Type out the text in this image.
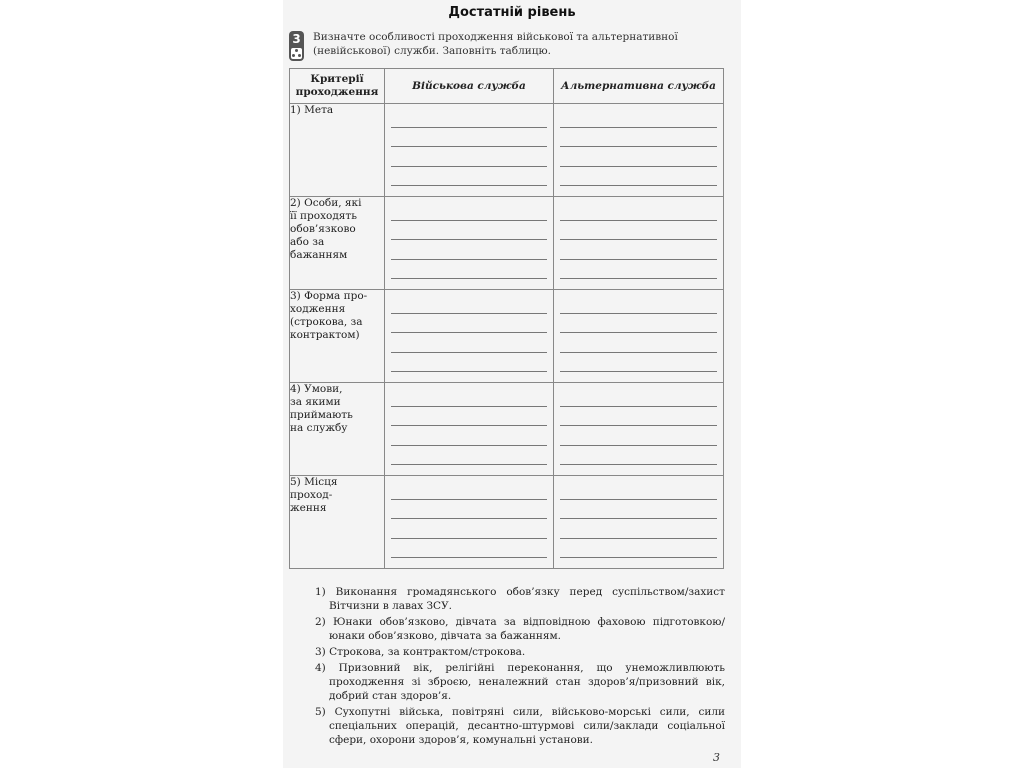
Достатній рівень
3	Визначте особливості проходження військової та альтернативної (невійськової) служби. Заповніть таблицю.
Критерії проходження	Військова служба	Альтернативна служба
1) Мета	

2) Особи, які
її проходять
обов’язково
або за
бажанням	

3) Форма про-
ходження
(строкова, за
контрактом)	

4) Умови,
за якими
приймають
на службу	

5) Місця
проход-
ження	

1) Виконання громадянського обов’язку перед суспільством/захист Вітчизни в лавах ЗСУ.
2) Юнаки обов’язково, дівчата за відповідною фаховою підготовкою/ юнаки обов’язково, дівчата за бажанням.
3) Строкова, за контрактом/строкова.
4) Призовний вік, релігійні переконання, що унеможливлюють проходження зі зброєю, неналежний стан здоров’я/призовний вік, добрий стан здоров’я.
5) Сухопутні війська, повітряні сили, військово-морські сили, сили спеціальних операцій, десантно-штурмові сили/заклади соціальної сфери, охорони здоров’я, комунальні установи.
3
